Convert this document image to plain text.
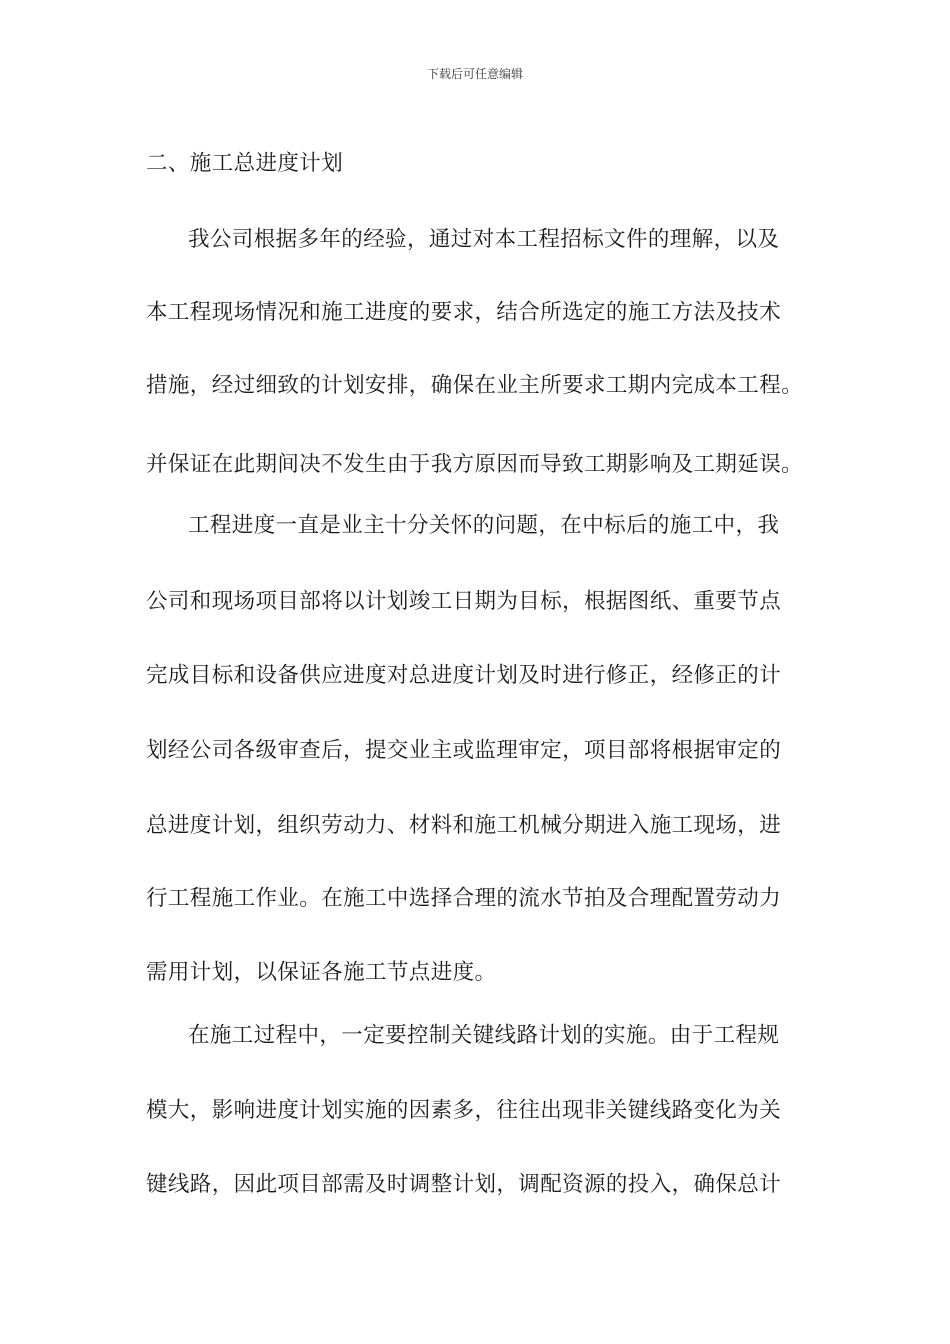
下载后可任意编辑
二、施工总进度计划
我公司根据多年的经验，通过对本工程招标文件的理解，以及
本工程现场情况和施工进度的要求，结合所选定的施工方法及技术
措施，经过细致的计划安排，确保在业主所要求工期内完成本工程。
并保证在此期间决不发生由于我方原因而导致工期影响及工期延误。
工程进度一直是业主十分关怀的问题，在中标后的施工中，我
公司和现场项目部将以计划竣工日期为目标，根据图纸、重要节点
完成目标和设备供应进度对总进度计划及时进行修正，经修正的计
划经公司各级审查后，提交业主或监理审定，项目部将根据审定的
总进度计划，组织劳动力、材料和施工机械分期进入施工现场，进
行工程施工作业。在施工中选择合理的流水节拍及合理配置劳动力
需用计划，以保证各施工节点进度。
在施工过程中，一定要控制关键线路计划的实施。由于工程规
模大，影响进度计划实施的因素多，往往出现非关键线路变化为关
键线路，因此项目部需及时调整计划，调配资源的投入，确保总计
